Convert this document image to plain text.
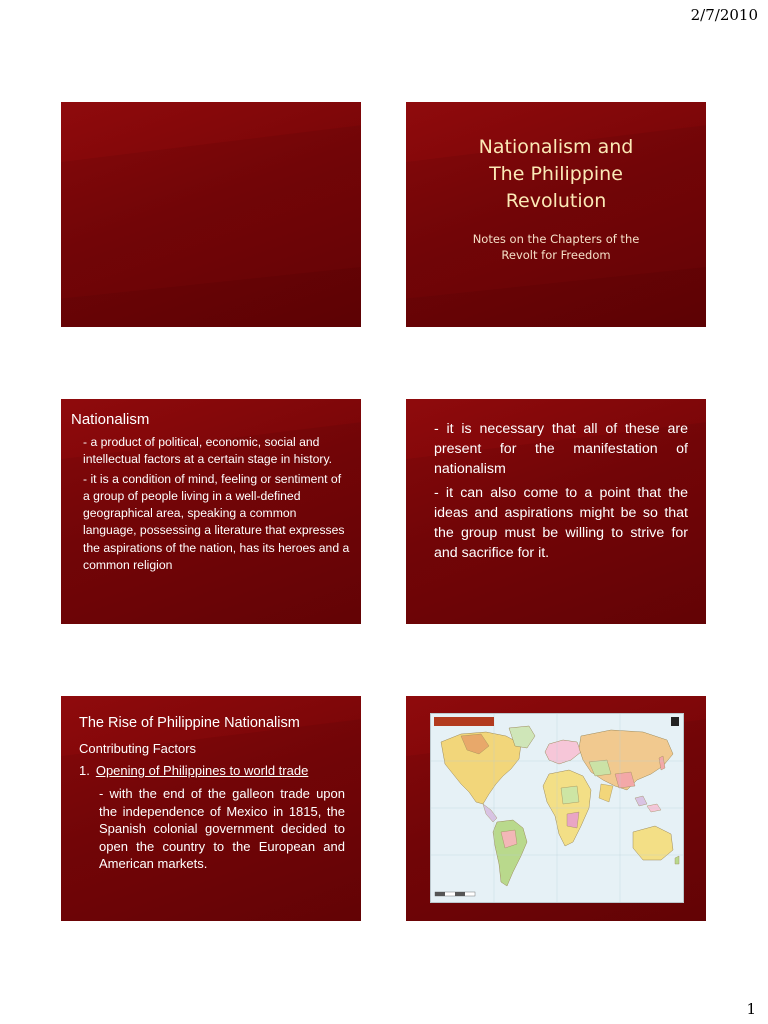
2/7/2010
Nationalism and
The Philippine
Revolution
Notes on the Chapters of the
Revolt for Freedom
Nationalism

- a product of political, economic, social and intellectual factors at a certain stage in history.

- it is a condition of mind, feeling or sentiment of a group of people living in a well-defined geographical area, speaking a common language, possessing a literature that expresses the aspirations of the nation, has its heroes and a common religion

- it is necessary that all of these are present for the manifestation of nationalism
- it can also come to a point that the ideas and aspirations might be so that the group must be willing to strive for and sacrifice for it.
The Rise of Philippine Nationalism
Contributing Factors
1. Opening of Philippines to world trade
- with the end of the galleon trade upon the independence of Mexico in 1815, the Spanish colonial government decided to open the country to the European and American markets.
1
